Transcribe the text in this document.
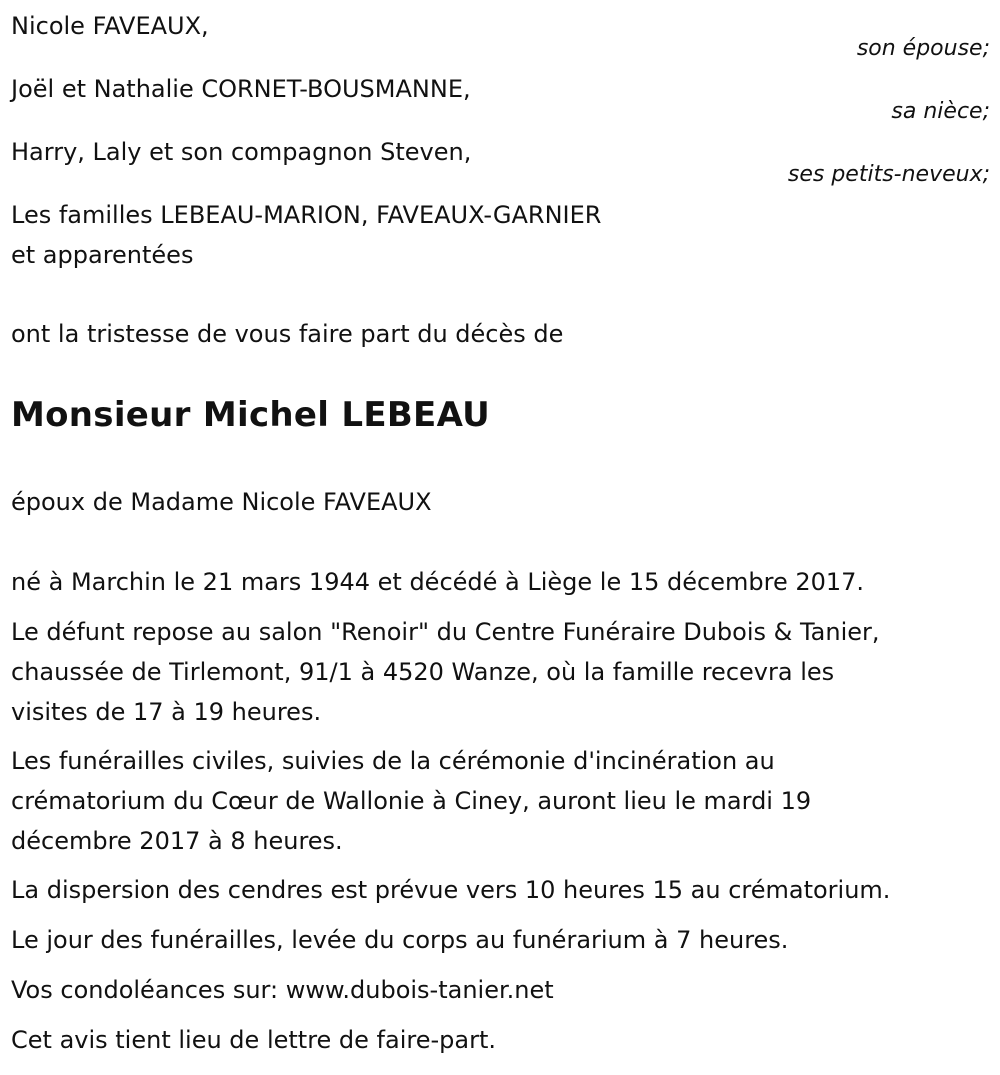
Nicole FAVEAUX,
son épouse;
Joël et Nathalie CORNET-BOUSMANNE,
sa nièce;
Harry, Laly et son compagnon Steven,
ses petits-neveux;
Les familles LEBEAU-MARION, FAVEAUX-GARNIER
et apparentées
ont la tristesse de vous faire part du décès de
Monsieur Michel LEBEAU
époux de Madame Nicole FAVEAUX
né à Marchin le 21 mars 1944 et décédé à Liège le 15 décembre 2017.
Le défunt repose au salon "Renoir" du Centre Funéraire Dubois & Tanier,
chaussée de Tirlemont, 91/1 à 4520 Wanze, où la famille recevra les
visites de 17 à 19 heures.
Les funérailles civiles, suivies de la cérémonie d'incinération au
crématorium du Cœur de Wallonie à Ciney, auront lieu le mardi 19
décembre 2017 à 8 heures.
La dispersion des cendres est prévue vers 10 heures 15 au crématorium.
Le jour des funérailles, levée du corps au funérarium à 7 heures.
Vos condoléances sur: www.dubois-tanier.net
Cet avis tient lieu de lettre de faire-part.
